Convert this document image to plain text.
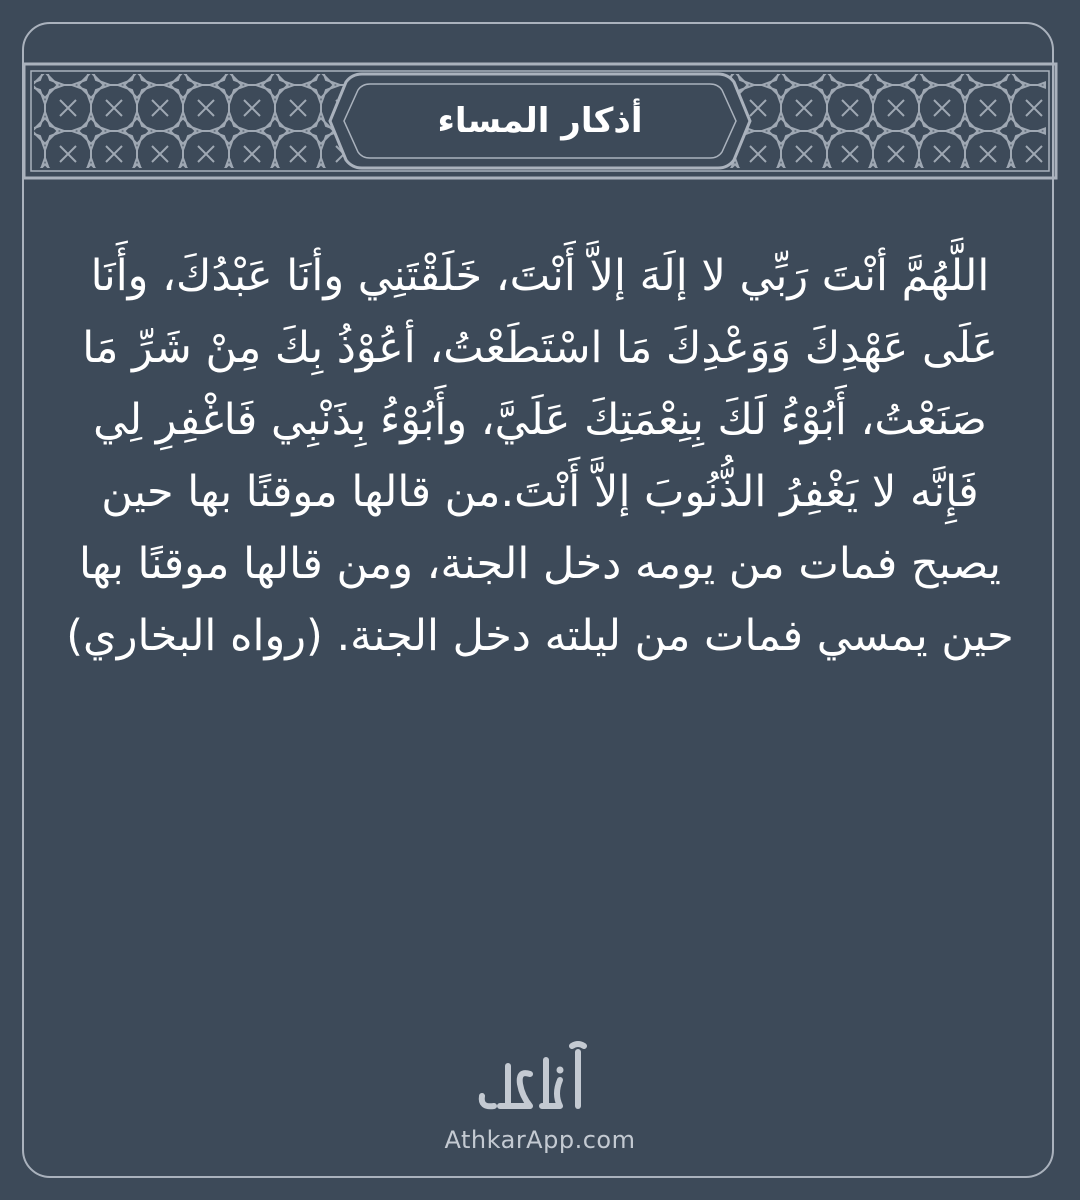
أذكار المساء
اللَّهُمَّ أنْتَ رَبِّي لا إلَهَ إلاَّ أَنْتَ، خَلَقْتَنِي وأنَا عَبْدُكَ، وأَنَا عَلَى عَهْدِكَ وَوَعْدِكَ مَا اسْتَطَعْتُ، أعُوْذُ بِكَ مِنْ شَرِّ مَا صَنَعْتُ، أَبُوْءُ لَكَ بِنِعْمَتِكَ عَلَيَّ، وأَبُوْءُ بِذَنْبِي فَاغْفِرِ لِي فَإِنَّه لا يَغْفِرُ الذُّنُوبَ إلاَّ أَنْتَ.من قالها موقنًا بها حين يصبح فمات من يومه دخل الجنة، ومن قالها موقنًا بها حين يمسي فمات من ليلته دخل الجنة. (رواه البخاري)
AthkarApp.com
